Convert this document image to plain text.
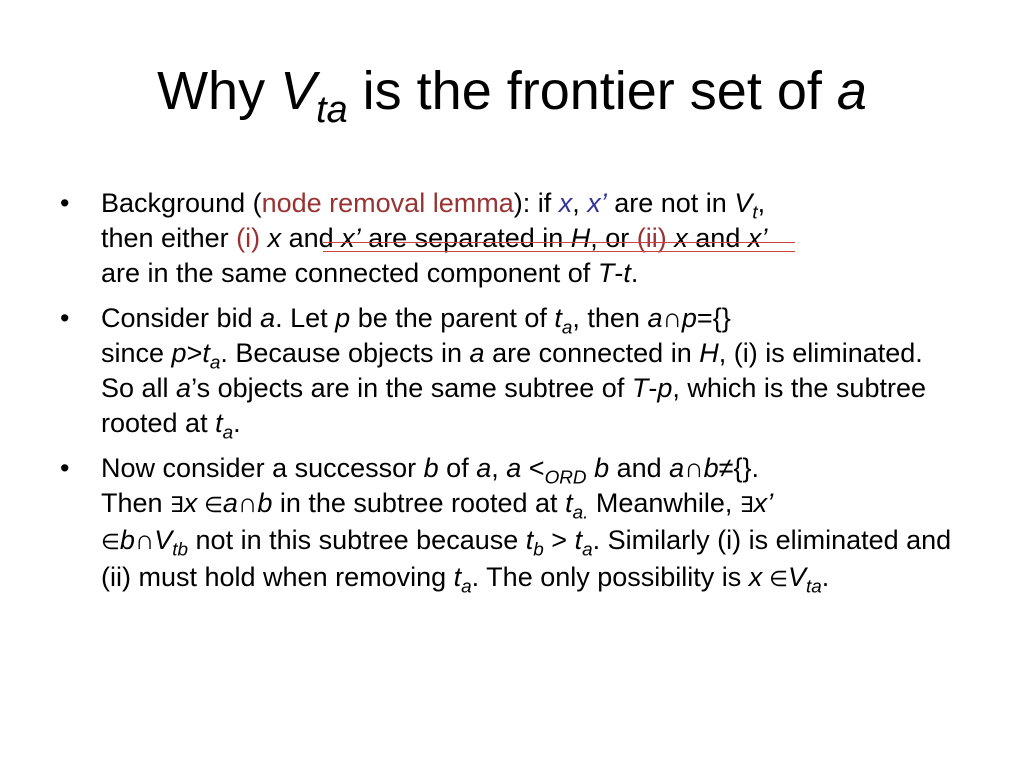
Why $V_{ta}$ is the frontier set of a
• Background (node removal lemma): if x, x’ are not in $V_t$,
then either (i) x and x’ are separated in H, or (ii) x and x’
are in the same connected component of T-t.
• Consider bid a. Let p be the parent of $t_a$, then a∩p={}
since $p>t_a$. Because objects in a are connected in H, (i) is eliminated. So all a’s objects are in the same subtree of T-p, which is the subtree rooted at $t_a$.
• Now consider a successor b of a, $a <_{ORD}$ b and a∩b≠{}.
Then ∃x ∈a∩b in the subtree rooted at $t_{a.}$ Meanwhile, ∃x’
$\in b\cap V_{tb}$ not in this subtree because $t_b > t_a$. Similarly (i) is eliminated and (ii) must hold when removing $t_a$. The only possibility is x $\in V_{ta}$.
